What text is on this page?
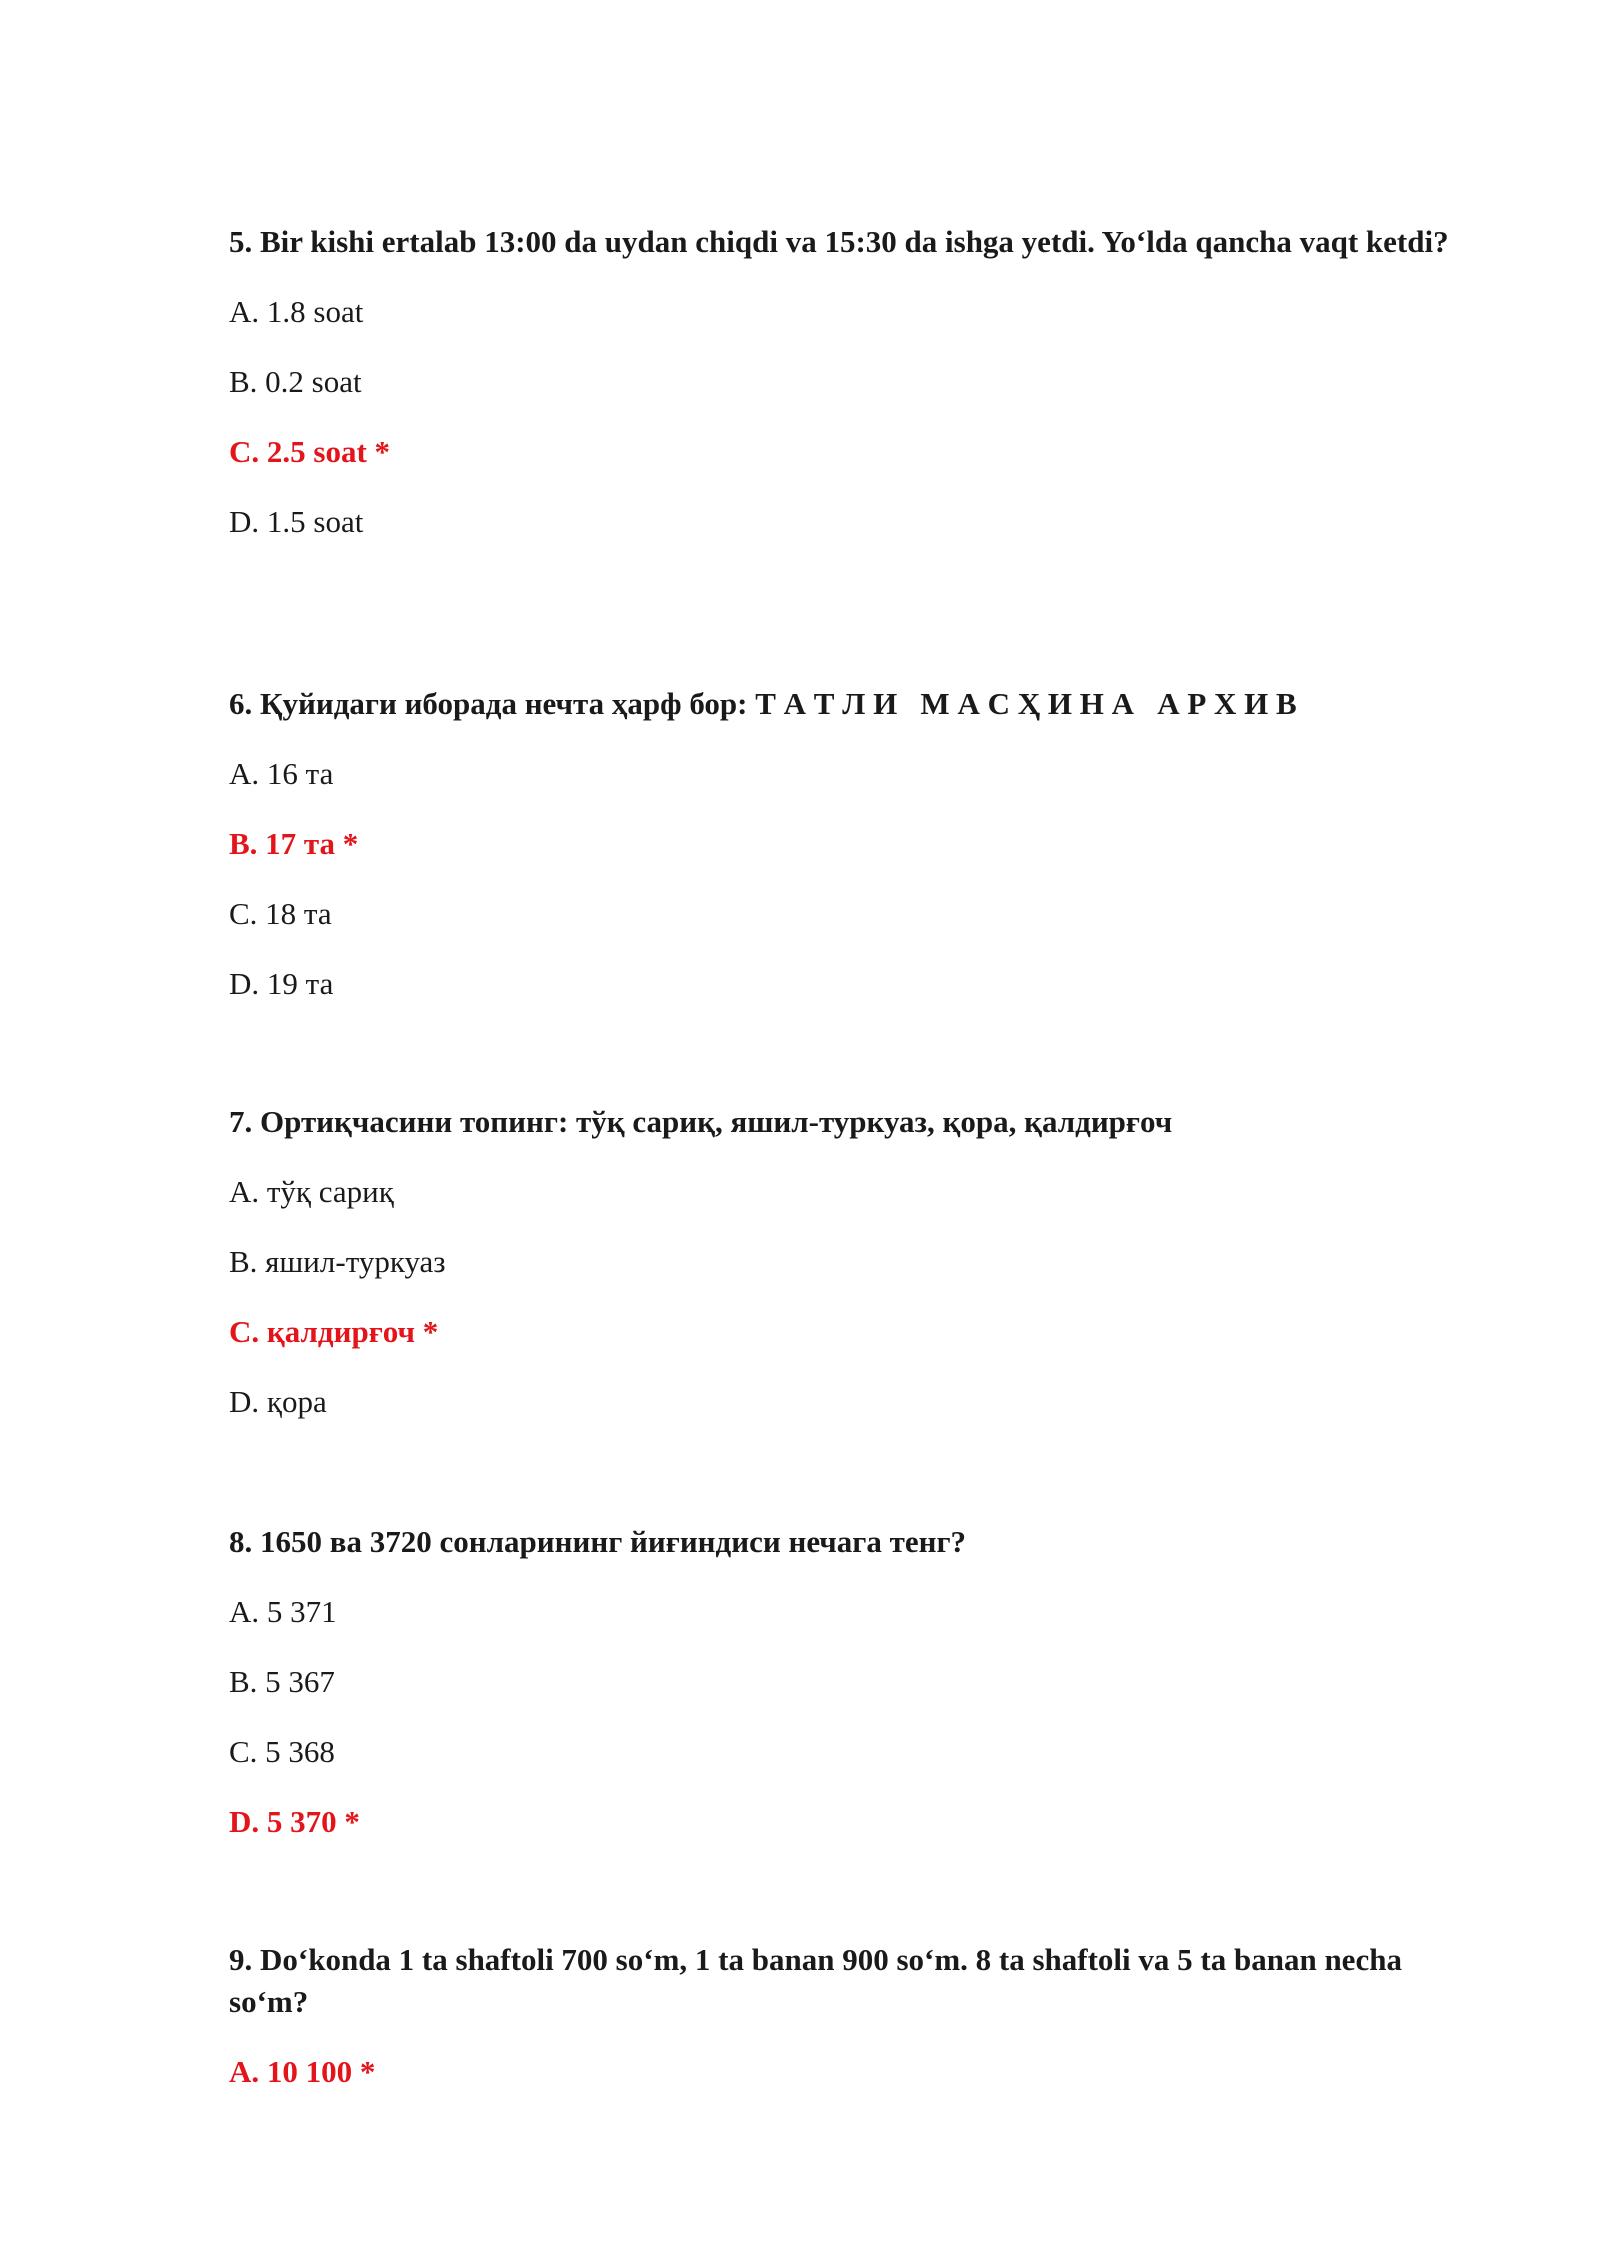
5. Bir kishi ertalab 13:00 da uydan chiqdi va 15:30 da ishga yetdi. Yo‘lda qancha vaqt ketdi?

A. 1.8 soat

B. 0.2 soat

C. 2.5 soat *

D. 1.5 soat

6. Қуйидаги иборада нечта ҳарф бор: Т А Т Л И   М А С Ҳ И Н А   А Р Х И В

A. 16 та

B. 17 та *

C. 18 та

D. 19 та

7. Ортиқчасини топинг: тўқ сариқ, яшил-туркуаз, қора, қалдирғоч

A. тўқ сариқ

B. яшил-туркуаз

C. қалдирғоч *

D. қора

8. 1650 ва 3720 сонларининг йиғиндиси нечага тенг?

A. 5 371

B. 5 367

C. 5 368

D. 5 370 *

9. Do‘konda 1 ta shaftoli 700 so‘m, 1 ta banan 900 so‘m. 8 ta shaftoli va 5 ta banan necha so‘m?

A. 10 100 *
